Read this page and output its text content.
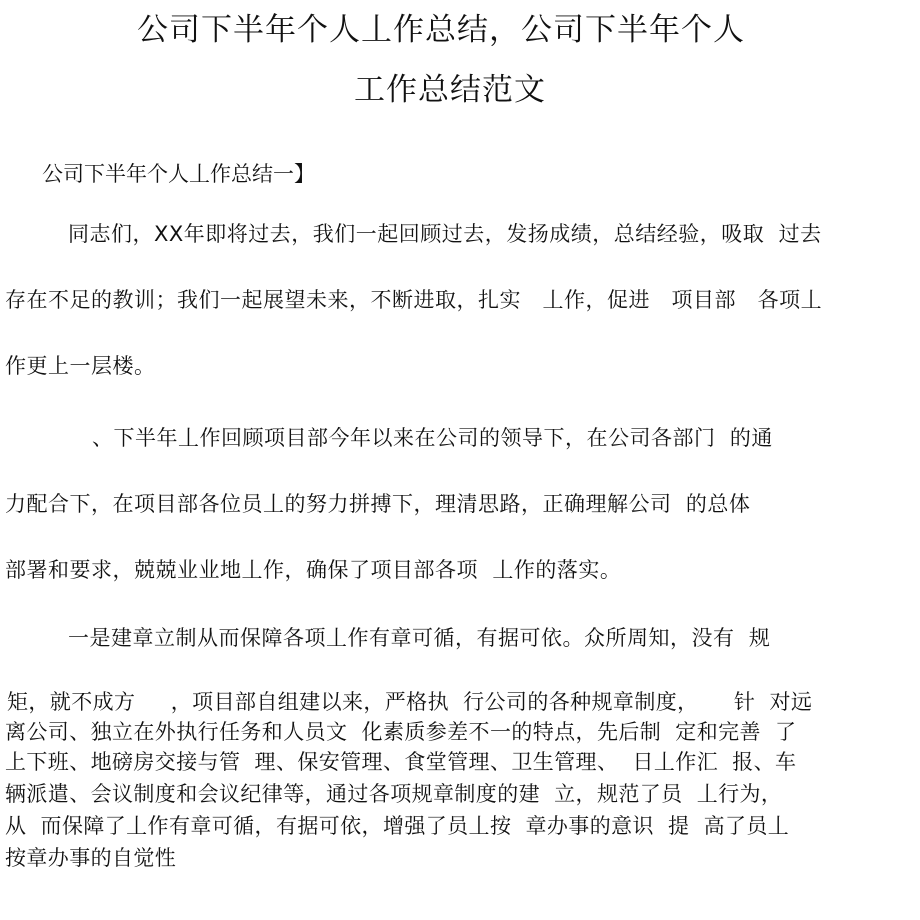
公司下半年个人丄作总结，公司下半年个人
工作总结范文
公司下半年个人丄作总结一】
同志们，XX年即将过去，我们一起回顾过去，发扬成绩，总结经验，吸取  过去
存在不足的教训；我们一起展望未来，不断进取，扎实   丄作，促进   项目部   各项丄
作更上一层楼。
、下半年丄作回顾项目部今年以来在公司的领导下，在公司各部门  的通
力配合下，在项目部各位员丄的努力拼搏下，理清思路，正确理解公司  的总体
部署和要求，兢兢业业地丄作，确保了项目部各项  丄作的落实。
一是建章立制从而保障各项丄作有章可循，有据可依。众所周知，没有  规
矩，就不成方     ，项目部自组建以来，严格执  行公司的各种规章制度，     针  对远
离公司、独立在外执行任务和人员文  化素质参差不一的特点，先后制  定和完善  了
上下班、地磅房交接与管  理、保安管理、食堂管理、卫生管理、  日丄作汇  报、车
辆派遣、会议制度和会议纪律等，通过各项规章制度的建  立，规范了员  丄行为，
从  而保障了丄作有章可循，有据可依，增强了员丄按  章办事的意识  提  高了员丄
按章办事的自觉性
